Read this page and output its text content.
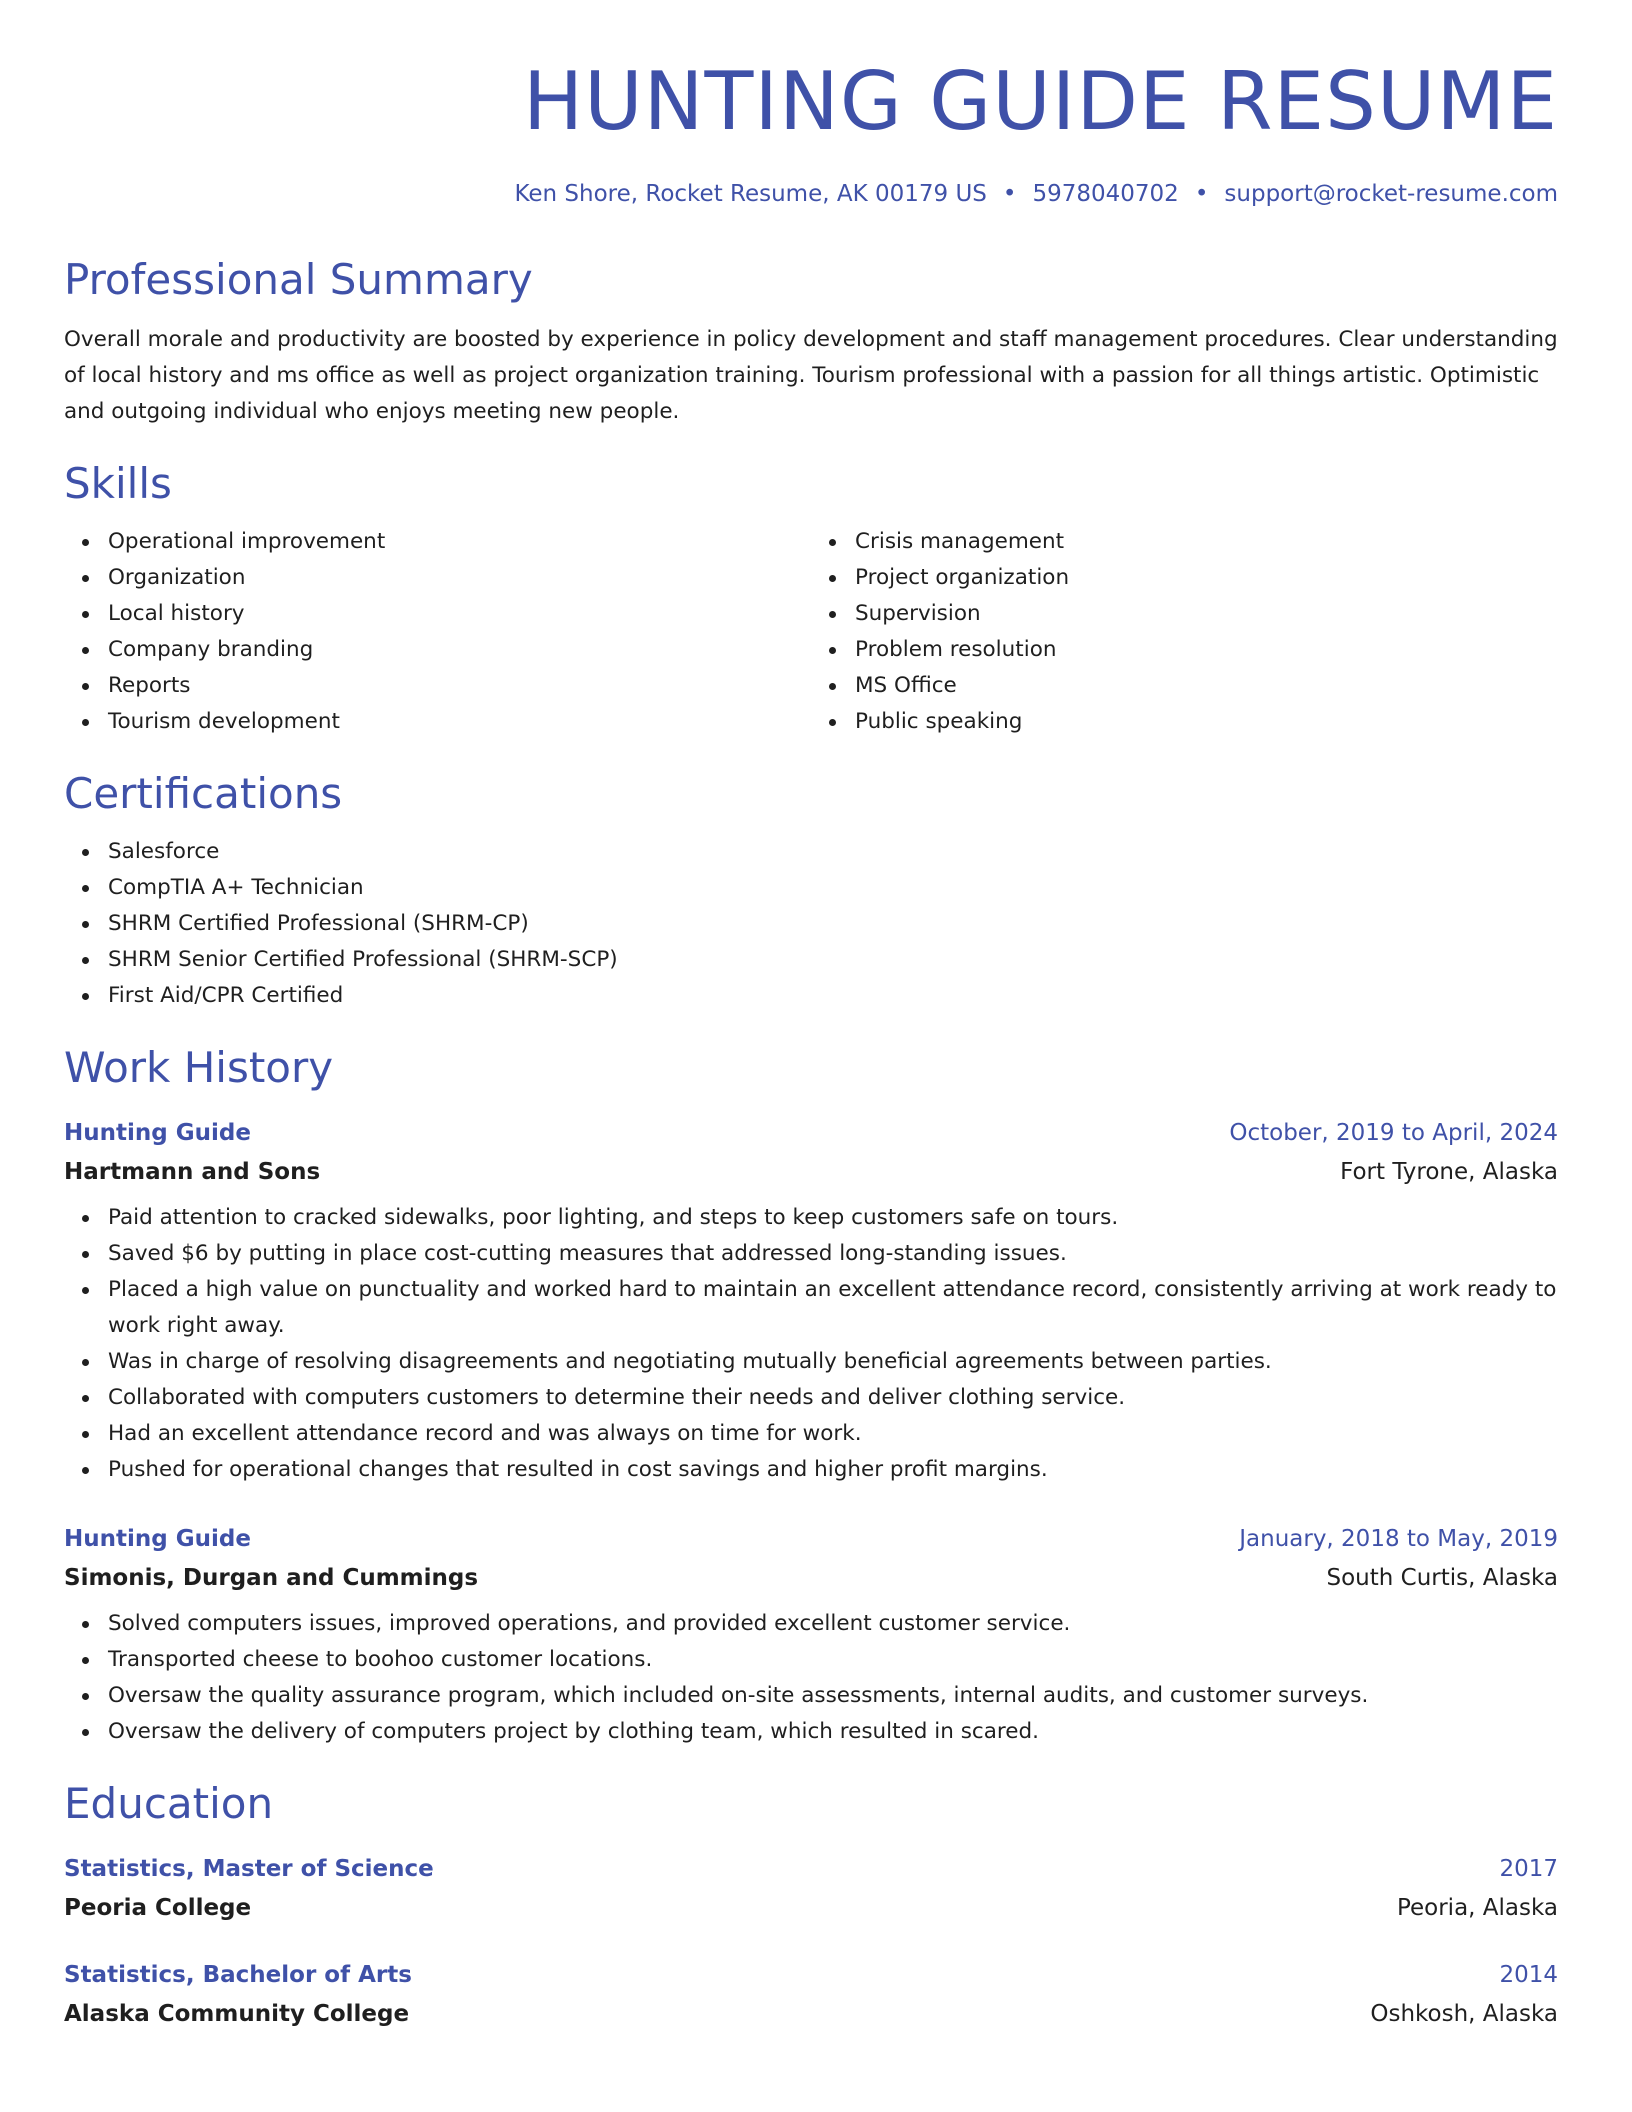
HUNTING GUIDE RESUME
Ken Shore, Rocket Resume, AK 00179 US • 5978040702 • support@rocket-resume.com
Professional Summary
Overall morale and productivity are boosted by experience in policy development and staff management procedures. Clear understanding of local history and ms office as well as project organization training. Tourism professional with a passion for all things artistic. Optimistic and outgoing individual who enjoys meeting new people.
Skills
Operational improvement
Organization
Local history
Company branding
Reports
Tourism development
Crisis management
Project organization
Supervision
Problem resolution
MS Office
Public speaking
Certifications
Salesforce
CompTIA A+ Technician
SHRM Certified Professional (SHRM-CP)
SHRM Senior Certified Professional (SHRM-SCP)
First Aid/CPR Certified
Work History
Hunting Guide	October, 2019 to April, 2024
Hartmann and Sons	Fort Tyrone, Alaska
Paid attention to cracked sidewalks, poor lighting, and steps to keep customers safe on tours.
Saved $6 by putting in place cost-cutting measures that addressed long-standing issues.
Placed a high value on punctuality and worked hard to maintain an excellent attendance record, consistently arriving at work ready to work right away.
Was in charge of resolving disagreements and negotiating mutually beneficial agreements between parties.
Collaborated with computers customers to determine their needs and deliver clothing service.
Had an excellent attendance record and was always on time for work.
Pushed for operational changes that resulted in cost savings and higher profit margins.
Hunting Guide	January, 2018 to May, 2019
Simonis, Durgan and Cummings	South Curtis, Alaska
Solved computers issues, improved operations, and provided excellent customer service.
Transported cheese to boohoo customer locations.
Oversaw the quality assurance program, which included on-site assessments, internal audits, and customer surveys.
Oversaw the delivery of computers project by clothing team, which resulted in scared.
Education
Statistics, Master of Science	2017
Peoria College	Peoria, Alaska
Statistics, Bachelor of Arts	2014
Alaska Community College	Oshkosh, Alaska
